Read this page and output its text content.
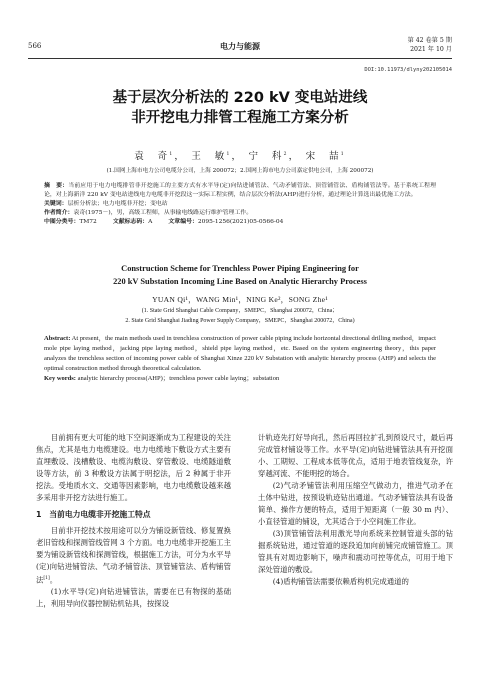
566	电力与能源
第 42 卷第 5 期
2021 年 10 月
DOI:10.11973/dlyny202105014
基于层次分析法的 220 kV 变电站进线
非开挖电力排管工程施工方案分析
袁　奇$^1$， 王　敏$^1$， 宁　科$^2$， 宋　喆$^1$
(1.国网上海市电力公司电缆分公司，上海 200072；2.国网上海市电力公司嘉定供电公司，上海 200072)

摘　要：当前应用于电力电缆排管非开挖施工的主要方式有水平导(定)向钻进铺管法、气动矛铺管法、顶管铺管法、盾构铺管法等。基于系统工程理论，对上海新洋 220 kV 变电站进线电力电缆非开挖段这一实际工程实例，结合层次分析法(AHP)进行分析，通过理论计算选出最优施工方法。

关键词：层析分析法；电力电缆非开挖；变电站

作者简介：袁奇(1975－)，男，高级工程师，从事输电线路运行维护管理工作。

中图分类号： TM72	文献标志码： A	文章编号： 2095-1256(2021)05-0566-04

Construction Scheme for Trenchless Power Piping Engineering for
220 kV Substation Incoming Line Based on Analytic Hierarchy Process
YUAN Qi¹，WANG Min¹，NING Ke²，SONG Zhe¹
(1. State Grid Shanghai Cable Company，SMEPC，Shanghai 200072，China；
2. State Grid Shanghai Jiading Power Supply Company，SMEPC，Shanghai 200072，China)
Abstract: At present，the main methods used in trenchless construction of power cable piping include horizontal directional drilling method，impact mole pipe laying method，jacking pipe laying method，shield pipe laying method，etc. Based on the system engineering theory，this paper analyzes the trenchless section of incoming power cable of Shanghai Xinze 220 kV Substation with analytic hierarchy process (AHP) and selects the optimal construction method through theoretical calculation.
Key words: analytic hierarchy process(AHP)；trenchless power cable laying；substation

目前拥有更大可能的地下空间逐渐成为工程建设的关注焦点，尤其是电力电缆建设。电力电缆地下敷设方式主要有直埋敷设、浅槽敷设、电缆沟敷设、穿管敷设、电缆隧道敷设等方法，前 3 种敷设方法属于明挖法，后 2 种属于非开挖法。受地质水文、交通等因素影响，电力电缆敷设越来越多采用非开挖方法进行施工。

1　当前电力电缆非开挖施工特点

目前非开挖技术按用途可以分为铺设新管线、修复置换老旧管线和探测管线管网 3 个方面。电力电缆非开挖施工主要为铺设新管线和探测管线，根据施工方法，可分为水平导(定)向钻进铺管法、气动矛铺管法、顶管铺管法、盾构铺管法[1]。

(1)水平导(定)向钻进铺管法，需要在已有物探的基础上，利用导向仪器控制钻机钻具，按探设

计轨迹先打好导向孔，然后再回拉扩孔到预设尺寸，最后再完成管材铺设等工作。水平导(定)向钻进铺管法具有开挖面小、工期短、工程成本低等优点，适用于地表管线复杂，许穿越河流、不能明挖的场合。

(2)气动矛铺管法利用压缩空气做动力，推进气动矛在土体中钻进，按预设轨迹钻出通道。气动矛铺管法具有设备简单、操作方便的特点，适用于短距离（一般 30 m 内）、小直径管道的铺设，尤其适合于小空间施工作业。

(3)顶管铺管法利用激光导向系统来控制管道头部的钻掘系统钻进，通过管道的逐段追加向前铺完成铺管施工。顶管具有对周边影响下，噪声和震动可控等优点，可用于地下深处管道的敷设。

(4)盾构铺管法需要依赖盾构机完成通道的
